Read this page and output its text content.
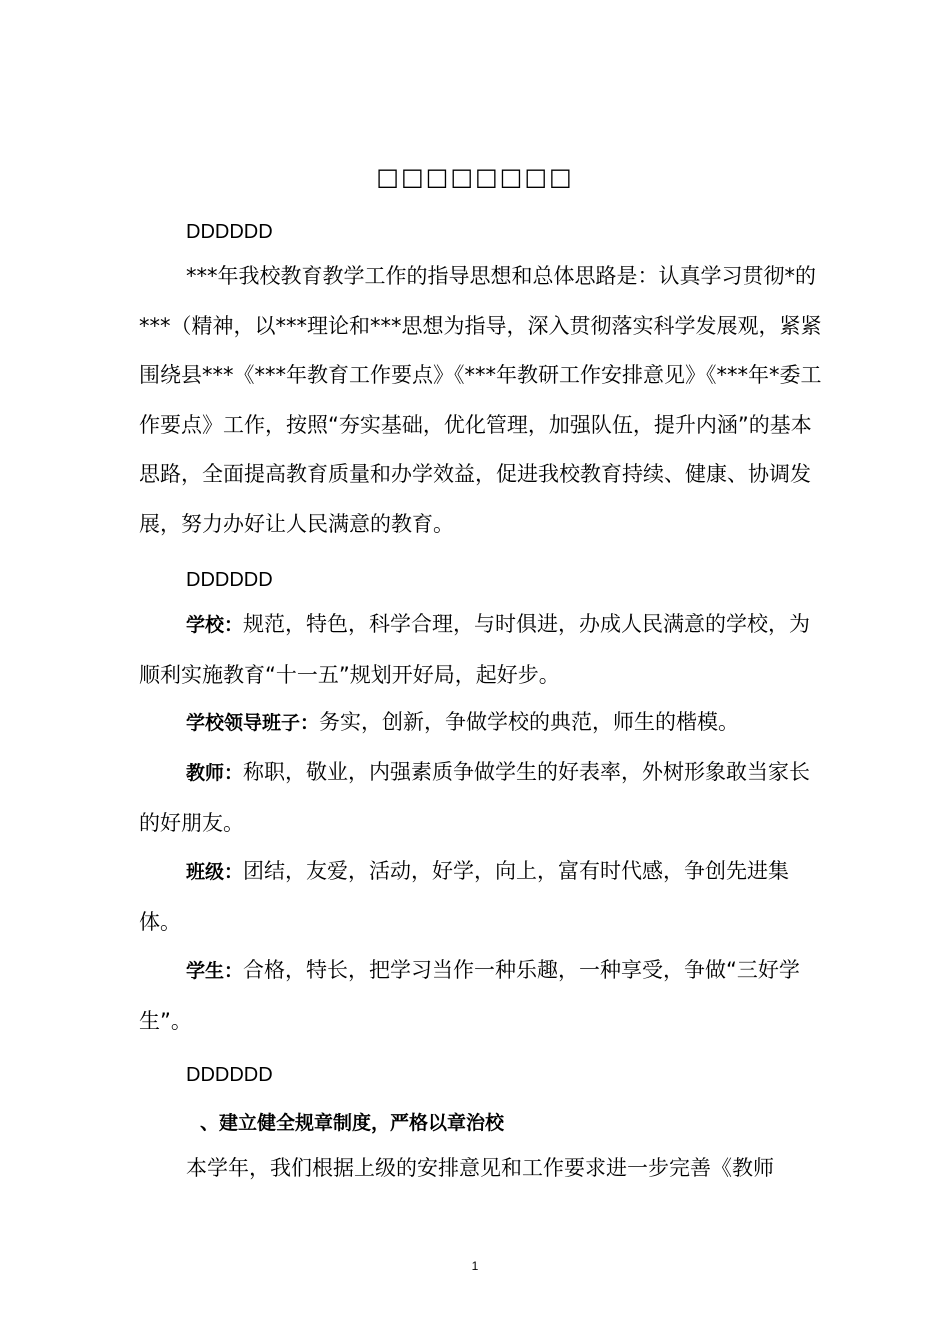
□□□□□□□□
DDDDDD

***年我校教育教学工作的指导思想和总体思路是：认真学习贯彻*的***（精神，以***理论和***思想为指导，深入贯彻落实科学发展观，紧紧围绕县***《***年教育工作要点》《***年教研工作安排意见》《***年*委工作要点》工作，按照“夯实基础，优化管理，加强队伍，提升内涵”的基本思路，全面提高教育质量和办学效益，促进我校教育持续、健康、协调发展，努力办好让人民满意的教育。

DDDDDD

学校：规范，特色，科学合理，与时俱进，办成人民满意的学校，为顺利实施教育“十一五”规划开好局，起好步。

学校领导班子：务实，创新，争做学校的典范，师生的楷模。

教师：称职，敬业，内强素质争做学生的好表率，外树形象敢当家长的好朋友。

班级：团结，友爱，活动，好学，向上，富有时代感，争创先进集体。

学生：合格，特长，把学习当作一种乐趣，一种享受，争做“三好学生”。

DDDDDD
、建立健全规章制度，严格以章治校

本学年，我们根据上级的安排意见和工作要求进一步完善《教师

1
